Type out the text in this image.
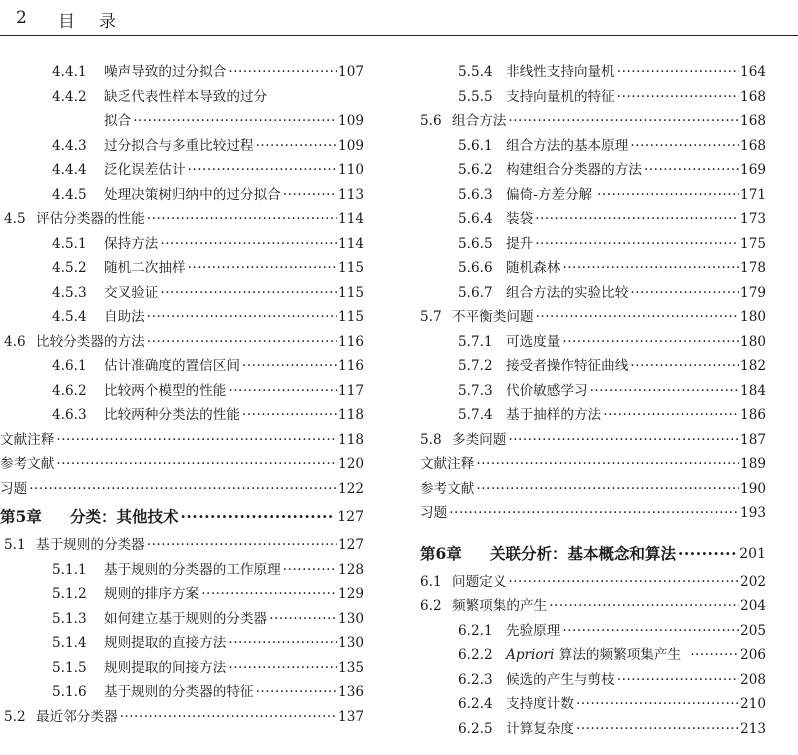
2 目录
4.4.1 噪声导致的过分拟合 ·····	107
4.4.2 缺乏代表性样本导致的过分
拟合 ·····	109
4.4.3 过分拟合与多重比较过程 ·····	109
4.4.4 泛化误差估计 ·····	110
4.4.5 处理决策树归纳中的过分拟合 ·····	113
4.5 评估分类器的性能 ·····	114
4.5.1 保持方法 ·····	114
4.5.2 随机二次抽样 ·····	115
4.5.3 交叉验证 ·····	115
4.5.4 自助法 ·····	115
4.6 比较分类器的方法 ·····	116
4.6.1 估计准确度的置信区间 ·····	116
4.6.2 比较两个模型的性能 ·····	117
4.6.3 比较两种分类法的性能 ·····	118
文献注释 ·····	118
参考文献 ·····	120
习题 ·····	122
第5章 分类：其他技术 ·····	127
5.1 基于规则的分类器 ·····	127
5.1.1 基于规则的分类器的工作原理 ·····	128
5.1.2 规则的排序方案 ·····	129
5.1.3 如何建立基于规则的分类器 ·····	130
5.1.4 规则提取的直接方法 ·····	130
5.1.5 规则提取的间接方法 ·····	135
5.1.6 基于规则的分类器的特征 ·····	136
5.2 最近邻分类器 ·····	137
5.5.4 非线性支持向量机 ·····	164
5.5.5 支持向量机的特征 ·····	168
5.6 组合方法 ·····	168
5.6.1 组合方法的基本原理 ·····	168
5.6.2 构建组合分类器的方法 ·····	169
5.6.3 偏倚-方差分解 ·····	171
5.6.4 装袋 ·····	173
5.6.5 提升 ·····	175
5.6.6 随机森林 ·····	178
5.6.7 组合方法的实验比较 ·····	179
5.7 不平衡类问题 ·····	180
5.7.1 可选度量 ·····	180
5.7.2 接受者操作特征曲线 ·····	182
5.7.3 代价敏感学习 ·····	184
5.7.4 基于抽样的方法 ·····	186
5.8 多类问题 ·····	187
文献注释 ·····	189
参考文献 ·····	190
习题 ·····	193
第6章 关联分析：基本概念和算法 ·····	201
6.1 问题定义 ·····	202
6.2 频繁项集的产生 ·····	204
6.2.1 先验原理 ·····	205
6.2.2 Apriori 算法的频繁项集产生 ·····	206
6.2.3 候选的产生与剪枝 ·····	208
6.2.4 支持度计数 ·····	210
6.2.5 计算复杂度 ·····	213
